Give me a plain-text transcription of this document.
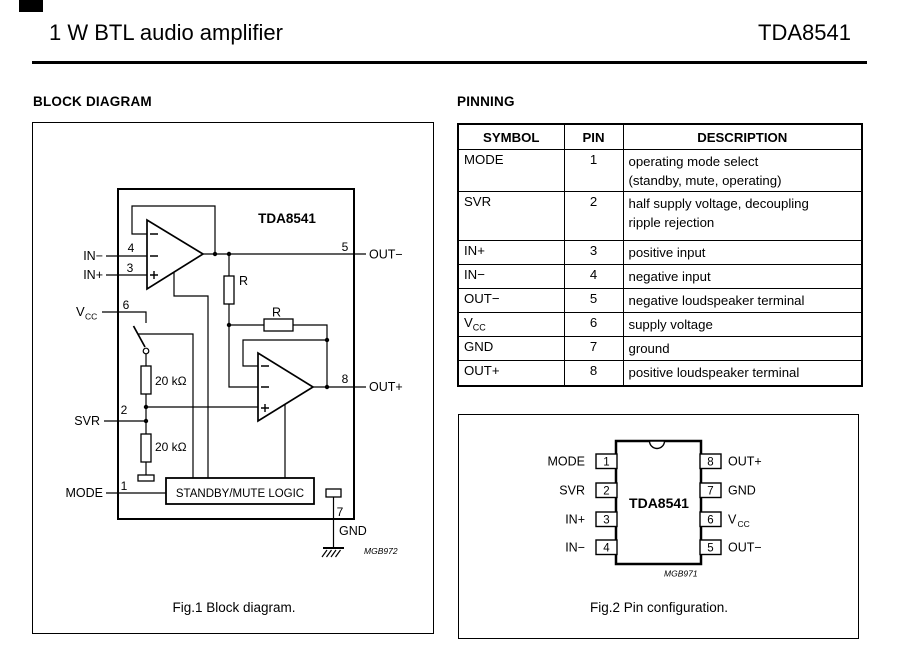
1 W BTL audio amplifier	TDA8541
BLOCK DIAGRAM	PINNING
TDA8541
STANDBY/MUTE LOGIC
IN−
IN+
V CC
SVR
MODE
OUT−
OUT+
GND
4
3
6
2
1
5
8
7
R
R
20 kΩ
20 kΩ
MGB972
Fig.1 Block diagram.
SYMBOL	PIN	DESCRIPTION
MODE	1	operating mode select
(standby, mute, operating)

SVR	2	half supply voltage, decoupling
ripple rejection

IN+	3	positive input

IN−	4	negative input

OUT−	5	negative loudspeaker terminal

$V_{CC}$	6	supply voltage

GND	7	ground

OUT+	8	positive loudspeaker terminal
TDA8541
1
2
3
4
8
7
6
5
MODE
SVR
IN+
IN−
OUT+
GND
V CC
OUT−
MGB971
Fig.2 Pin configuration.
